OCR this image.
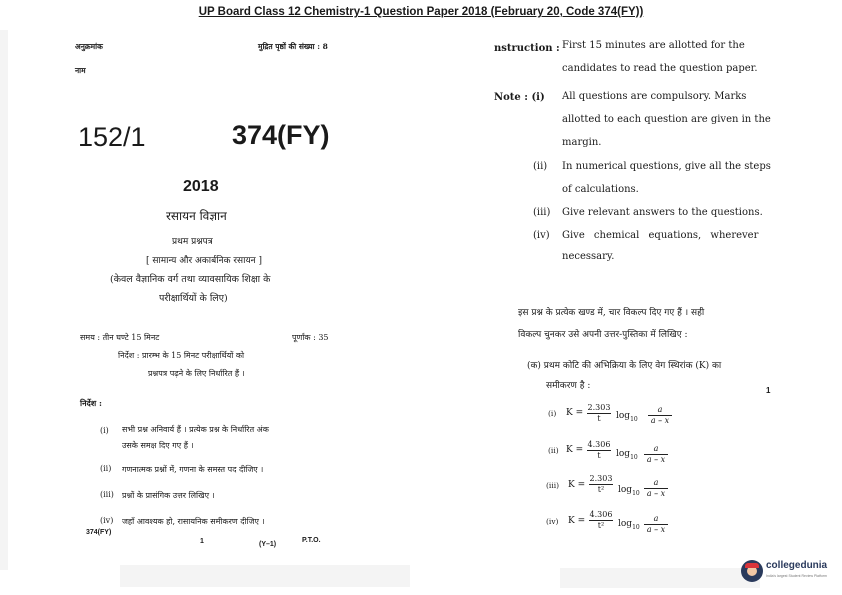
UP Board Class 12 Chemistry-1 Question Paper 2018 (February 20, Code 374(FY))
अनुक्रमांक
नाम
मुद्रित पृष्ठों की संख्या : 8
152/1	374(FY)
2018
रसायन विज्ञान
प्रथम प्रश्नपत्र
[ सामान्य और अकार्बनिक रसायन ]
(केवल वैज्ञानिक वर्ग तथा व्यावसायिक शिक्षा के
परीक्षार्थियों के लिए)
समय : तीन घण्टे 15 मिनट	पूर्णांक : 35
निर्देश : प्रारम्भ के 15 मिनट परीक्षार्थियों को
प्रश्नपत्र पढ़ने के लिए निर्धारित हैं ।
निर्देश :
(i) सभी प्रश्न अनिवार्य हैं । प्रत्येक प्रश्न के निर्धारित अंक
उसके समक्ष दिए गए हैं ।
(ii) गणनात्मक प्रश्नों में, गणना के समस्त पद दीजिए ।
(iii) प्रश्नों के प्रासंगिक उत्तर लिखिए ।
(iv) जहाँ आवश्यक हो, रासायनिक समीकरण दीजिए ।
374(FY)
1	(Y–1)
P.T.O.
nstruction : First 15 minutes are allotted for the
candidates to read the question paper.
Note : (i) All questions are compulsory. Marks
allotted to each question are given in the
margin.
(ii) In numerical questions, give all the steps
of calculations.
(iii) Give relevant answers to the questions.
(iv) Give chemical equations, wherever
necessary.
इस प्रश्न के प्रत्येक खण्ड में, चार विकल्प दिए गए हैं । सही
विकल्प चुनकर उसे अपनी उत्तर-पुस्तिका में लिखिए :
(क) प्रथम कोटि की अभिक्रिया के लिए वेग स्थिरांक (K) का
समीकरण है :	1
(i) $K = \frac{2.303}{t} \log_{10} \frac{a}{a - x}$
(ii) $K = \frac{4.306}{t} \log_{10} \frac{a}{a - x}$
(iii) $K = \frac{2.303}{\text{t²}} \log_{10} \frac{a}{a - x}$
(iv) $K = \frac{4.306}{\text{t²}} \log_{10} \frac{a}{a - x}$
collegedunia
India's largest Student Review Platform
